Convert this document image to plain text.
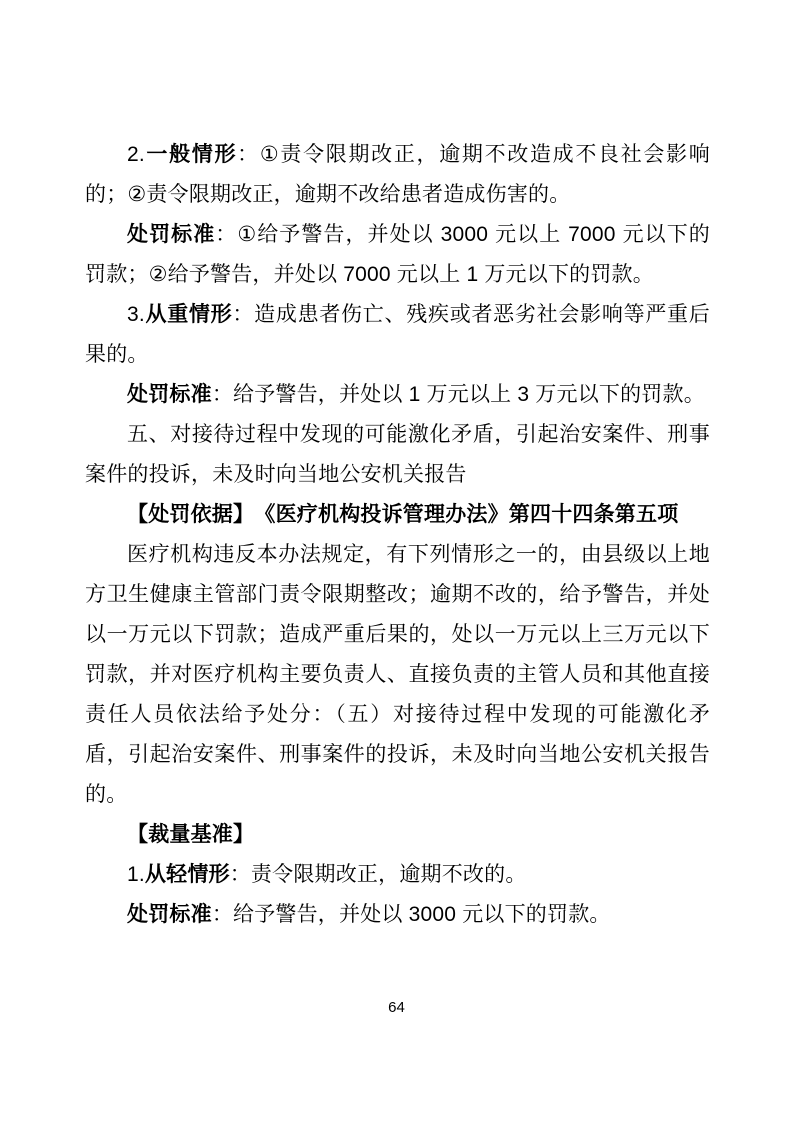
2.一般情形：①责令限期改正，逾期不改造成不良社会影响的；②责令限期改正，逾期不改给患者造成伤害的。

处罚标准：①给予警告，并处以 3000 元以上 7000 元以下的罚款；②给予警告，并处以 7000 元以上 1 万元以下的罚款。

3.从重情形：造成患者伤亡、残疾或者恶劣社会影响等严重后果的。

处罚标准：给予警告，并处以 1 万元以上 3 万元以下的罚款。

五、对接待过程中发现的可能激化矛盾，引起治安案件、刑事案件的投诉，未及时向当地公安机关报告

【处罚依据】　《医疗机构投诉管理办法》第四十四条第五项

医疗机构违反本办法规定，有下列情形之一的，由县级以上地方卫生健康主管部门责令限期整改；逾期不改的，给予警告，并处以一万元以下罚款；造成严重后果的，处以一万元以上三万元以下罚款，并对医疗机构主要负责人、直接负责的主管人员和其他直接责任人员依法给予处分：（五）对接待过程中发现的可能激化矛盾，引起治安案件、刑事案件的投诉，未及时向当地公安机关报告的。

【裁量基准】

1.从轻情形：责令限期改正，逾期不改的。

处罚标准：给予警告，并处以 3000 元以下的罚款。

64
